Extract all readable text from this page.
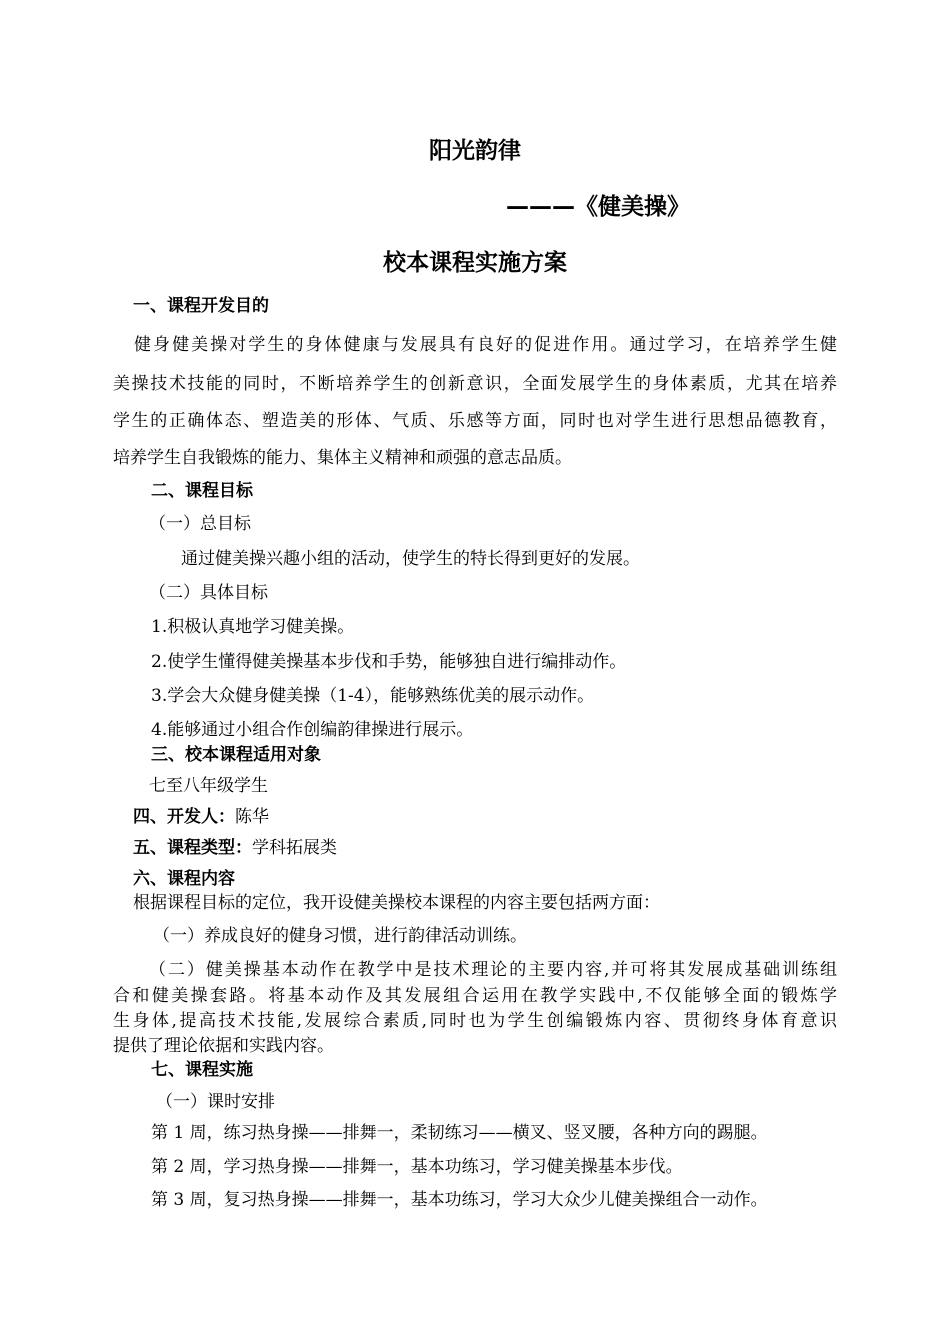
阳光韵律
———《健美操》
校本课程实施方案
一、课程开发目的
健身健美操对学生的身体健康与发展具有良好的促进作用。通过学习，在培养学生健
美操技术技能的同时，不断培养学生的创新意识，全面发展学生的身体素质，尤其在培养
学生的正确体态、塑造美的形体、气质、乐感等方面，同时也对学生进行思想品德教育，
培养学生自我锻炼的能力、集体主义精神和顽强的意志品质。
二、课程目标
（一）总目标
通过健美操兴趣小组的活动，使学生的特长得到更好的发展。
（二）具体目标
1.积极认真地学习健美操。
2.使学生懂得健美操基本步伐和手势，能够独自进行编排动作。
3.学会大众健身健美操（1-4），能够熟练优美的展示动作。
4.能够通过小组合作创编韵律操进行展示。
三、校本课程适用对象
七至八年级学生
四、开发人：陈华
五、课程类型：学科拓展类
六、课程内容
根据课程目标的定位，我开设健美操校本课程的内容主要包括两方面：
（一）养成良好的健身习惯，进行韵律活动训练。
（二）健美操基本动作在教学中是技术理论的主要内容,并可将其发展成基础训练组
合和健美操套路。将基本动作及其发展组合运用在教学实践中,不仅能够全面的锻炼学
生身体,提高技术技能,发展综合素质,同时也为学生创编锻炼内容、贯彻终身体育意识
提供了理论依据和实践内容。
七、课程实施
（一）课时安排
第 1 周，练习热身操——排舞一，柔韧练习——横叉、竖叉腰，各种方向的踢腿。
第 2 周，学习热身操——排舞一，基本功练习，学习健美操基本步伐。
第 3 周，复习热身操——排舞一，基本功练习，学习大众少儿健美操组合一动作。
